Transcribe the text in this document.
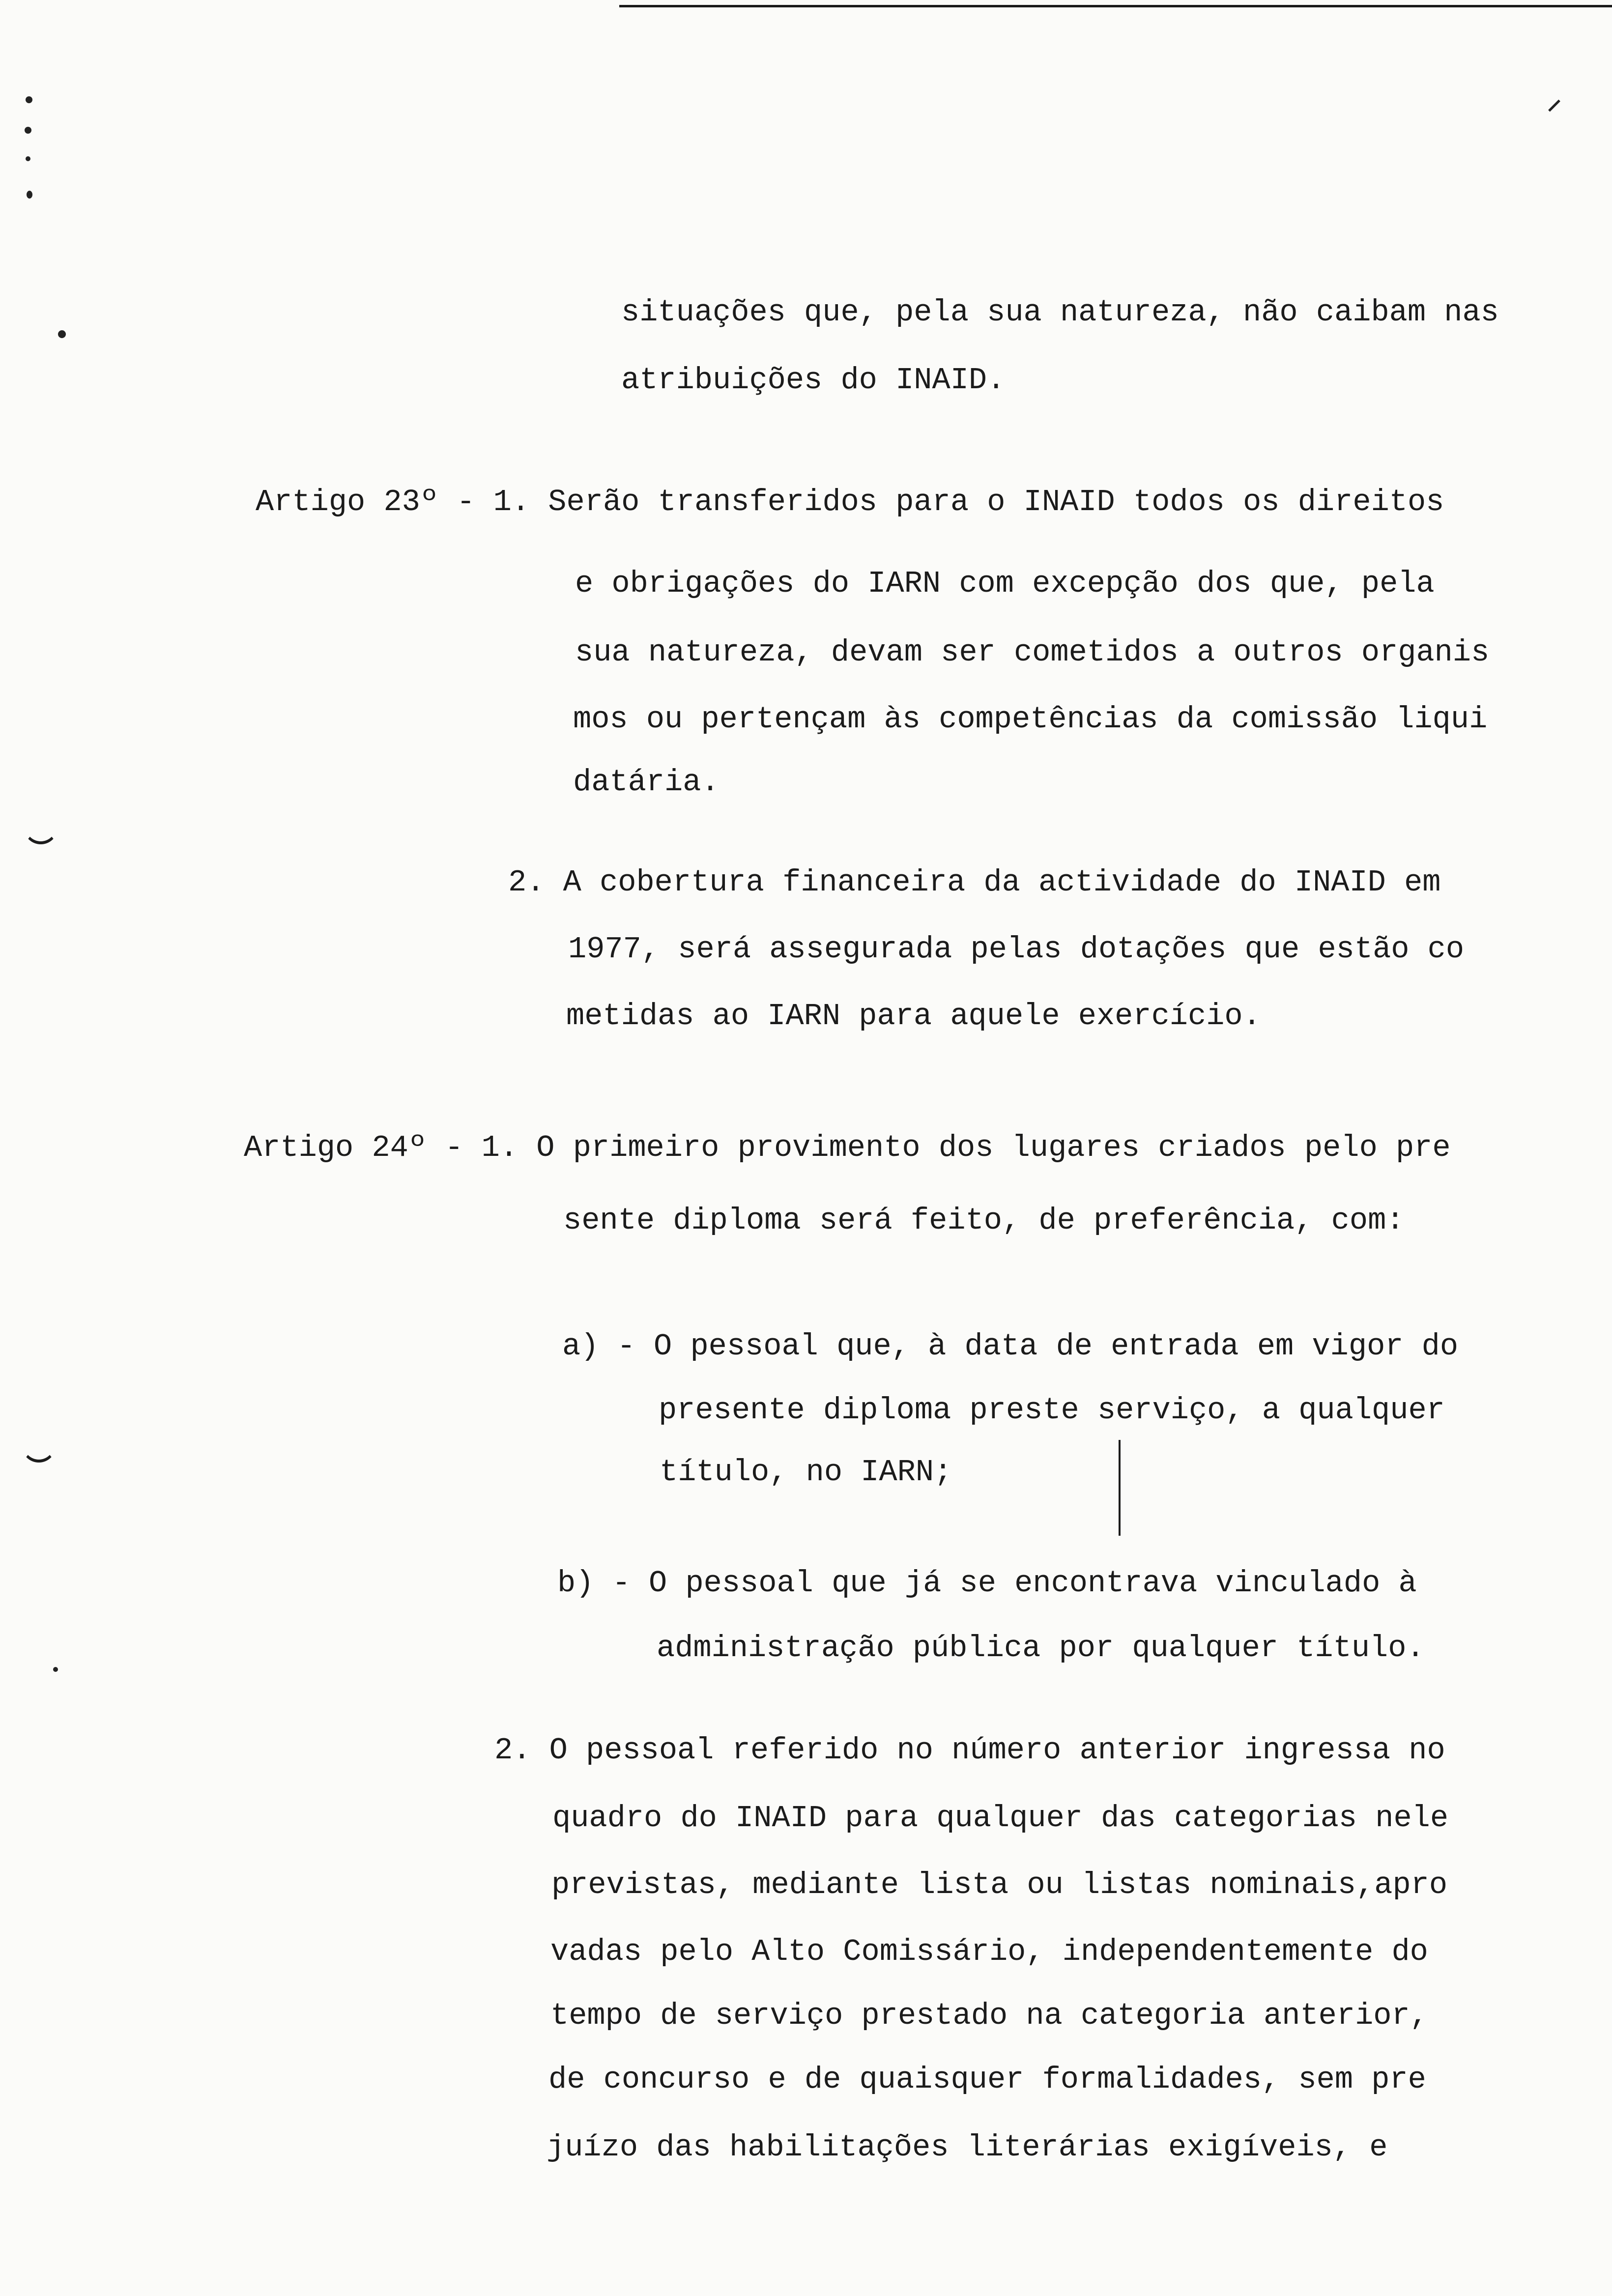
situações que, pela sua natureza, não caibam nas
atribuições do INAID.
Artigo 23º - 1. Serão transferidos para o INAID todos os direitos
e obrigações do IARN com excepção dos que, pela
sua natureza, devam ser cometidos a outros organis
mos ou pertençam às competências da comissão liqui
datária.
2. A cobertura financeira da actividade do INAID em
1977, será assegurada pelas dotações que estão co
metidas ao IARN para aquele exercício.
Artigo 24º - 1. O primeiro provimento dos lugares criados pelo pre
sente diploma será feito, de preferência, com:
a) - O pessoal que, à data de entrada em vigor do
presente diploma preste serviço, a qualquer
título, no IARN;
b) - O pessoal que já se encontrava vinculado à
administração pública por qualquer título.
2. O pessoal referido no número anterior ingressa no
quadro do INAID para qualquer das categorias nele
previstas, mediante lista ou listas nominais,apro
vadas pelo Alto Comissário, independentemente do
tempo de serviço prestado na categoria anterior,
de concurso e de quaisquer formalidades, sem pre
juízo das habilitações literárias exigíveis, e
